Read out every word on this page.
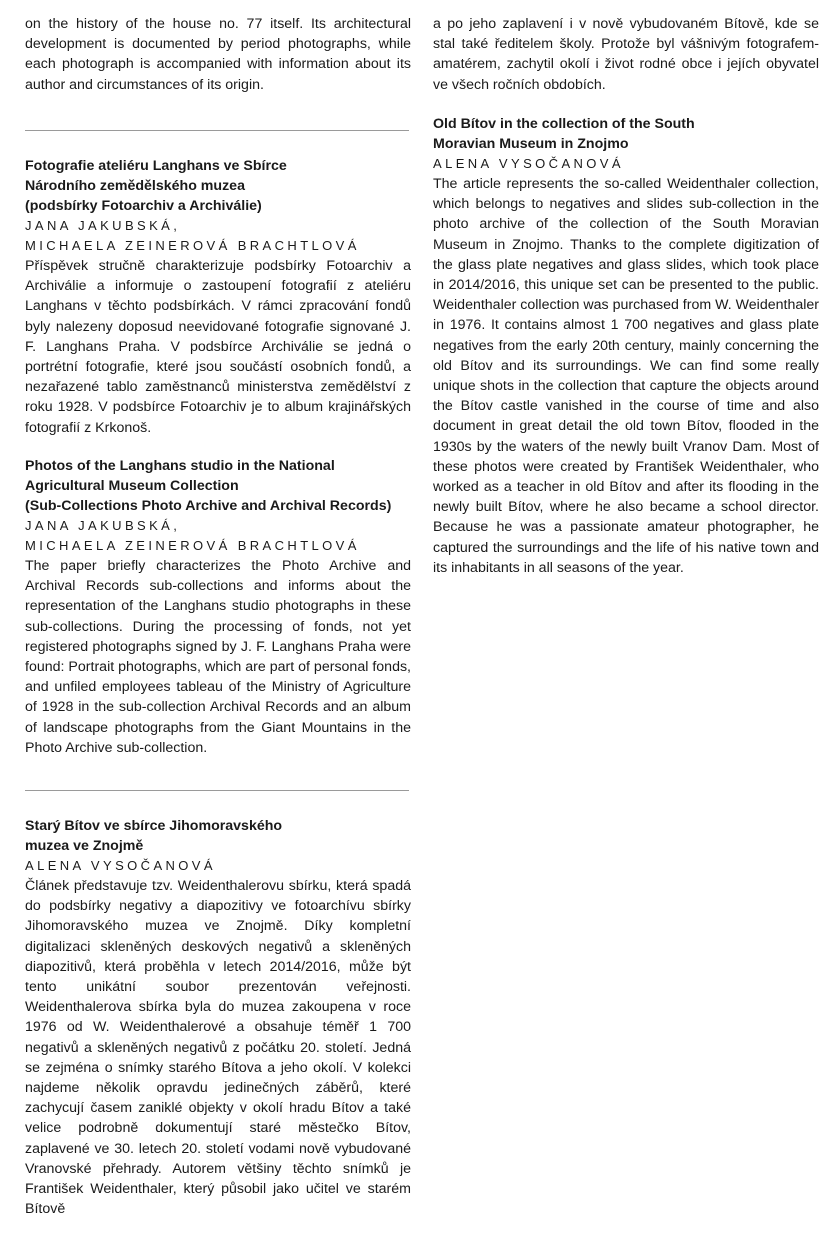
on the history of the house no. 77 itself. Its architectural development is documented by period photographs, while each photograph is accompanied with information about its author and circumstances of its origin.

Fotografie ateliéru Langhans ve Sbírce

Národního zemědělského muzea

(podsbírky Fotoarchiv a Archiválie)

JANA JAKUBSKÁ,

MICHAELA ZEINEROVÁ BRACHTLOVÁ

Příspěvek stručně charakterizuje podsbírky Fotoarchiv a Archiválie a informuje o zastoupení fotografií z ateliéru Langhans v těchto podsbírkách. V rámci zpracování fondů byly nalezeny doposud neevidované fotografie signované J. F. Langhans Praha. V podsbírce Archiválie se jedná o portrétní fotografie, které jsou součástí osobních fondů, a nezařazené tablo zaměstnanců ministerstva zemědělství z roku 1928. V podsbírce Fotoarchiv je to album krajinářských fotografií z Krkonoš.

Photos of the Langhans studio in the National

Agricultural Museum Collection

(Sub-Collections Photo Archive and Archival Records)

JANA JAKUBSKÁ,

MICHAELA ZEINEROVÁ BRACHTLOVÁ

The paper briefly characterizes the Photo Archive and Archival Records sub-collections and informs about the representation of the Langhans studio photographs in these sub-collections. During the processing of fonds, not yet registered photographs signed by J. F. Langhans Praha were found: Portrait photographs, which are part of personal fonds, and unfiled employees tableau of the Ministry of Agriculture of 1928 in the sub-collection Archival Records and an album of landscape photographs from the Giant Mountains in the Photo Archive sub-collection.

Starý Bítov ve sbírce Jihomoravského

muzea ve Znojmě

ALENA VYSOČANOVÁ

Článek představuje tzv. Weidenthalerovu sbírku, která spadá do podsbírky negativy a diapozitivy ve fotoarchívu sbírky Jihomoravského muzea ve Znojmě. Díky kompletní digitalizaci skleněných deskových negativů a skleněných diapozitivů, která proběhla v letech 2014/2016, může být tento unikátní soubor prezentován veřejnosti. Weidenthalerova sbírka byla do muzea zakoupena v roce 1976 od W. Weidenthalerové a obsahuje téměř 1 700 negativů a skleněných negativů z počátku 20. století. Jedná se zejména o snímky starého Bítova a jeho okolí. V kolekci najdeme několik opravdu jedinečných záběrů, které zachycují časem zaniklé objekty v okolí hradu Bítov a také velice podrobně dokumentují staré městečko Bítov, zaplavené ve 30. letech 20. století vodami nově vybudované Vranovské přehrady. Autorem většiny těchto snímků je František Weidenthaler, který působil jako učitel ve starém Bítově

a po jeho zaplavení i v nově vybudovaném Bítově, kde se stal také ředitelem školy. Protože byl vášnivým fotografem-amatérem, zachytil okolí i život rodné obce i jejích obyvatel ve všech ročních obdobích.

Old Bítov in the collection of the South

Moravian Museum in Znojmo

ALENA VYSOČANOVÁ

The article represents the so-called Weidenthaler collection, which belongs to negatives and slides sub-collection in the photo archive of the collection of the South Moravian Museum in Znojmo. Thanks to the complete digitization of the glass plate negatives and glass slides, which took place in 2014/2016, this unique set can be presented to the public. Weidenthaler collection was purchased from W. Weidenthaler in 1976. It contains almost 1 700 negatives and glass plate negatives from the early 20th century, mainly concerning the old Bítov and its surroundings. We can find some really unique shots in the collection that capture the objects around the Bítov castle vanished in the course of time and also document in great detail the old town Bítov, flooded in the 1930s by the waters of the newly built Vranov Dam. Most of these photos were created by František Weidenthaler, who worked as a teacher in old Bítov and after its flooding in the newly built Bítov, where he also became a school director. Because he was a passionate amateur photographer, he captured the surroundings and the life of his native town and its inhabitants in all seasons of the year.
